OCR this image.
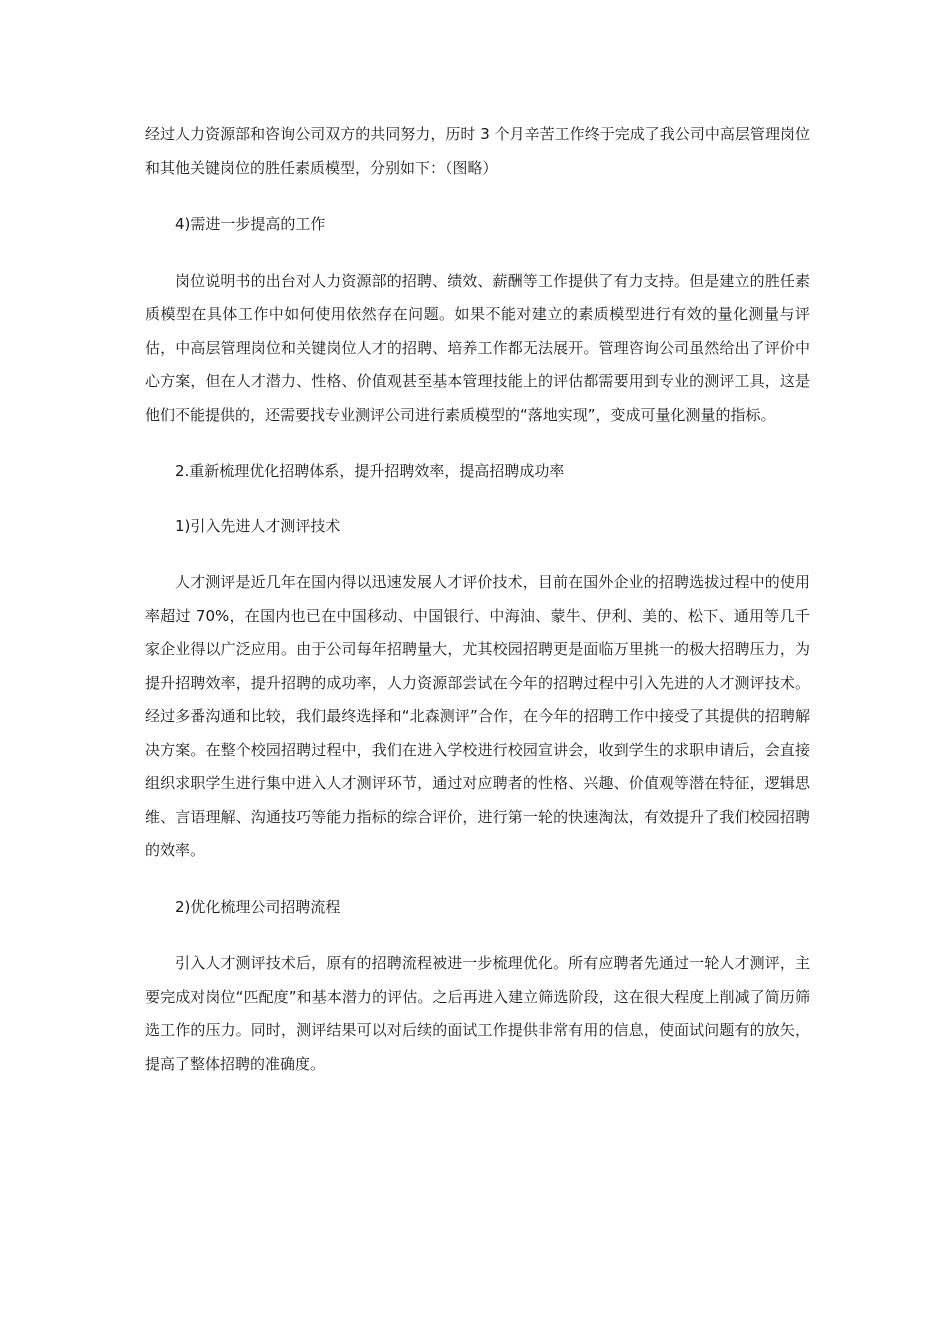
经过人力资源部和咨询公司双方的共同努力，历时 3 个月辛苦工作终于完成了我公司中高层管理岗位和其他关键岗位的胜任素质模型，分别如下：（图略）

4)需进一步提高的工作

岗位说明书的出台对人力资源部的招聘、绩效、薪酬等工作提供了有力支持。但是建立的胜任素质模型在具体工作中如何使用依然存在问题。如果不能对建立的素质模型进行有效的量化测量与评估，中高层管理岗位和关键岗位人才的招聘、培养工作都无法展开。管理咨询公司虽然给出了评价中心方案，但在人才潜力、性格、价值观甚至基本管理技能上的评估都需要用到专业的测评工具，这是他们不能提供的，还需要找专业测评公司进行素质模型的“落地实现”，变成可量化测量的指标。

2.重新梳理优化招聘体系，提升招聘效率，提高招聘成功率

1)引入先进人才测评技术

人才测评是近几年在国内得以迅速发展人才评价技术，目前在国外企业的招聘选拔过程中的使用率超过 70%，在国内也已在中国移动、中国银行、中海油、蒙牛、伊利、美的、松下、通用等几千家企业得以广泛应用。由于公司每年招聘量大，尤其校园招聘更是面临万里挑一的极大招聘压力，为提升招聘效率，提升招聘的成功率，人力资源部尝试在今年的招聘过程中引入先进的人才测评技术。经过多番沟通和比较，我们最终选择和“北森测评”合作，在今年的招聘工作中接受了其提供的招聘解决方案。在整个校园招聘过程中，我们在进入学校进行校园宣讲会，收到学生的求职申请后，会直接组织求职学生进行集中进入人才测评环节，通过对应聘者的性格、兴趣、价值观等潜在特征，逻辑思维、言语理解、沟通技巧等能力指标的综合评价，进行第一轮的快速淘汰，有效提升了我们校园招聘的效率。

2)优化梳理公司招聘流程

引入人才测评技术后，原有的招聘流程被进一步梳理优化。所有应聘者先通过一轮人才测评，主要完成对岗位“匹配度”和基本潜力的评估。之后再进入建立筛选阶段，这在很大程度上削减了简历筛选工作的压力。同时，测评结果可以对后续的面试工作提供非常有用的信息，使面试问题有的放矢，提高了整体招聘的准确度。
